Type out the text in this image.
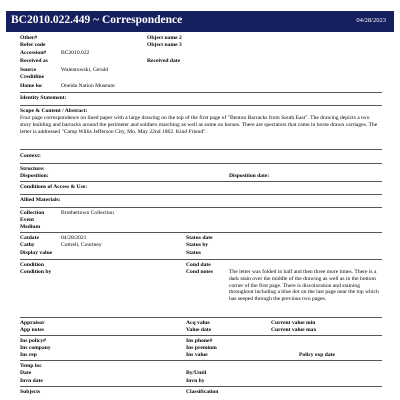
BC2010.022.449 ~ Correspondence	04/28/2023
Other#	Object name 2
Refer code	Object name 3
Accession#	BC2010.022
Received as	Received date
Source	Walentowski, Gerald
Creditline
Home loc	Oneida Nation Museum
Identity Statement:
Scope & Content / Abstract:
Four page correspondence on lined paper with a large drawing on the top of the first page of "Benton Barracks from South East". The drawing depicts a two story building and barracks around the perimeter and soldiers marching as well as some on horses. There are spectators that came in horse drawn carriages. The letter is addressed "Camp Willis Jefferson City, Mo. May 22nd 1862. Kind Friend".
Context:
Structure:
Disposition:	Disposition date:
Conditions of Access & Use:
Allied Materials:
Collection	Brothertown Collection
Event
Medium
Catdate	04/28/2021	Status date
Cathy	Cottrell, Courtney	Status by
Display value	Status
Condition	Cond date
Condition by	Cond notes	The letter was folded in half and then three more times. There is a dark stain over the middle of the drawing as well as in the bottom corner of the first page. There is discoloration and staining throughout including a blue dot on the last page near the top which has seeped through the previous two pages.
Appraisor	Acq value	Current value min
App notes	Value date	Current value max
Ins policy#	Ins phone#
Ins company	Ins premium
Ins rep	Ins value	Policy exp date
Temp loc
Date	By/Until
Invn date	Invn by
Subjects	Classification
